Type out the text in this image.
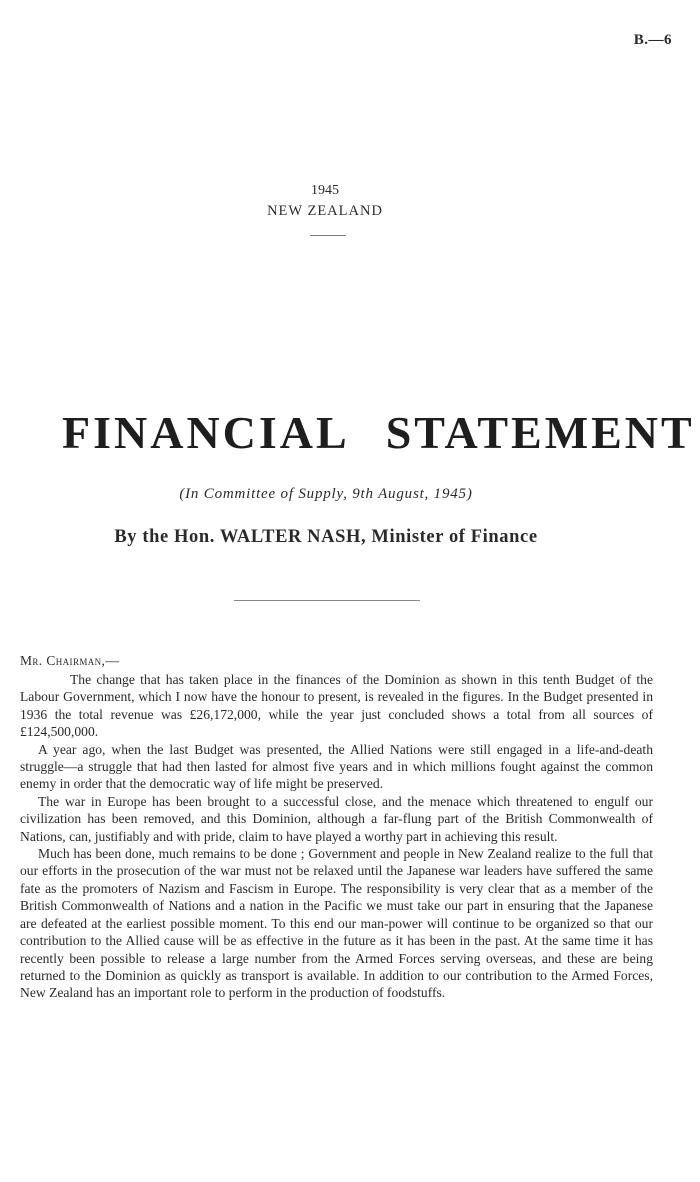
B.—6
1945
NEW ZEALAND
FINANCIAL STATEMENT
(In Committee of Supply, 9th August, 1945)
By the Hon. WALTER NASH, Minister of Finance
Mr. Chairman,—

The change that has taken place in the finances of the Dominion as shown in this tenth Budget of the Labour Government, which I now have the honour to present, is revealed in the figures. In the Budget presented in 1936 the total revenue was £26,172,000, while the year just concluded shows a total from all sources of £124,500,000.

A year ago, when the last Budget was presented, the Allied Nations were still engaged in a life-and-death struggle—a struggle that had then lasted for almost five years and in which millions fought against the common enemy in order that the democratic way of life might be preserved.

The war in Europe has been brought to a successful close, and the menace which threatened to engulf our civilization has been removed, and this Dominion, although a far-flung part of the British Commonwealth of Nations, can, justifiably and with pride, claim to have played a worthy part in achieving this result.

Much has been done, much remains to be done ; Government and people in New Zealand realize to the full that our efforts in the prosecution of the war must not be relaxed until the Japanese war leaders have suffered the same fate as the promoters of Nazism and Fascism in Europe. The responsibility is very clear that as a member of the British Commonwealth of Nations and a nation in the Pacific we must take our part in ensuring that the Japanese are defeated at the earliest possible moment. To this end our man-power will continue to be organized so that our contribution to the Allied cause will be as effective in the future as it has been in the past. At the same time it has recently been possible to release a large number from the Armed Forces serving overseas, and these are being returned to the Dominion as quickly as transport is available. In addition to our contribution to the Armed Forces, New Zealand has an important role to perform in the production of foodstuffs.
